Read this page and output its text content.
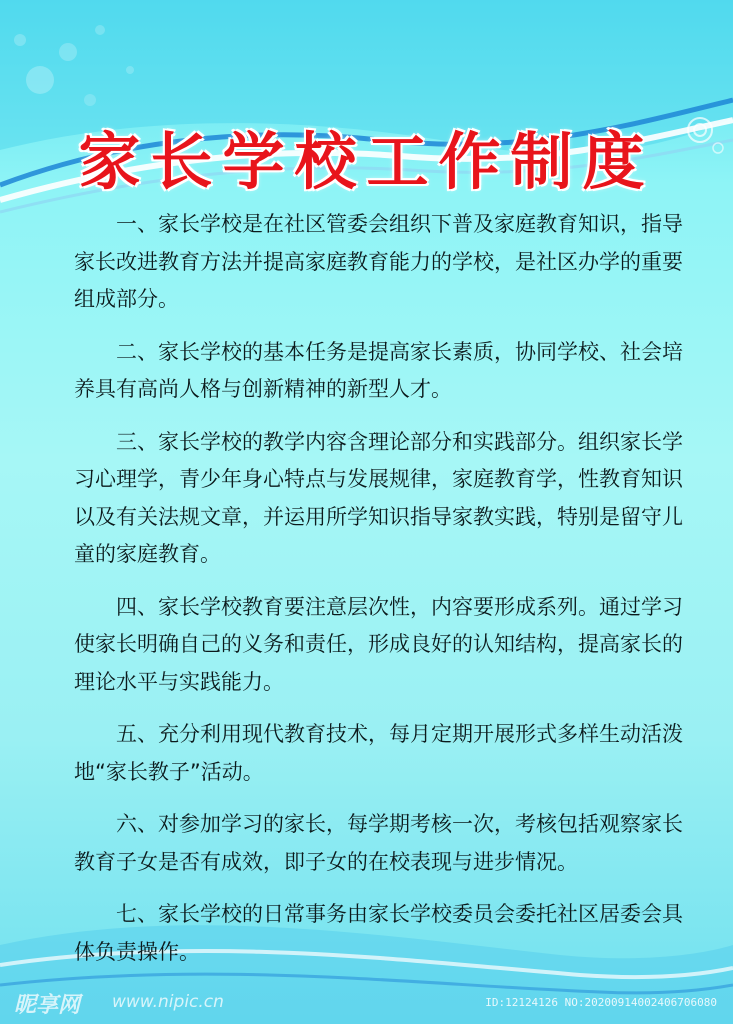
家长学校工作制度

一、家长学校是在社区管委会组织下普及家庭教育知识，指导家长改进教育方法并提高家庭教育能力的学校，是社区办学的重要组成部分。

二、家长学校的基本任务是提高家长素质，协同学校、社会培养具有高尚人格与创新精神的新型人才。

三、家长学校的教学内容含理论部分和实践部分。组织家长学习心理学，青少年身心特点与发展规律，家庭教育学，性教育知识以及有关法规文章，并运用所学知识指导家教实践，特别是留守儿童的家庭教育。

四、家长学校教育要注意层次性，内容要形成系列。通过学习使家长明确自己的义务和责任，形成良好的认知结构，提高家长的理论水平与实践能力。

五、充分利用现代教育技术，每月定期开展形式多样生动活泼地“家长教子”活动。

六、对参加学习的家长，每学期考核一次，考核包括观察家长教育子女是否有成效，即子女的在校表现与进步情况。

七、家长学校的日常事务由家长学校委员会委托社区居委会具体负责操作。

昵享网 www.nipic.cn	ID:12124126 NO:20200914002406706080
